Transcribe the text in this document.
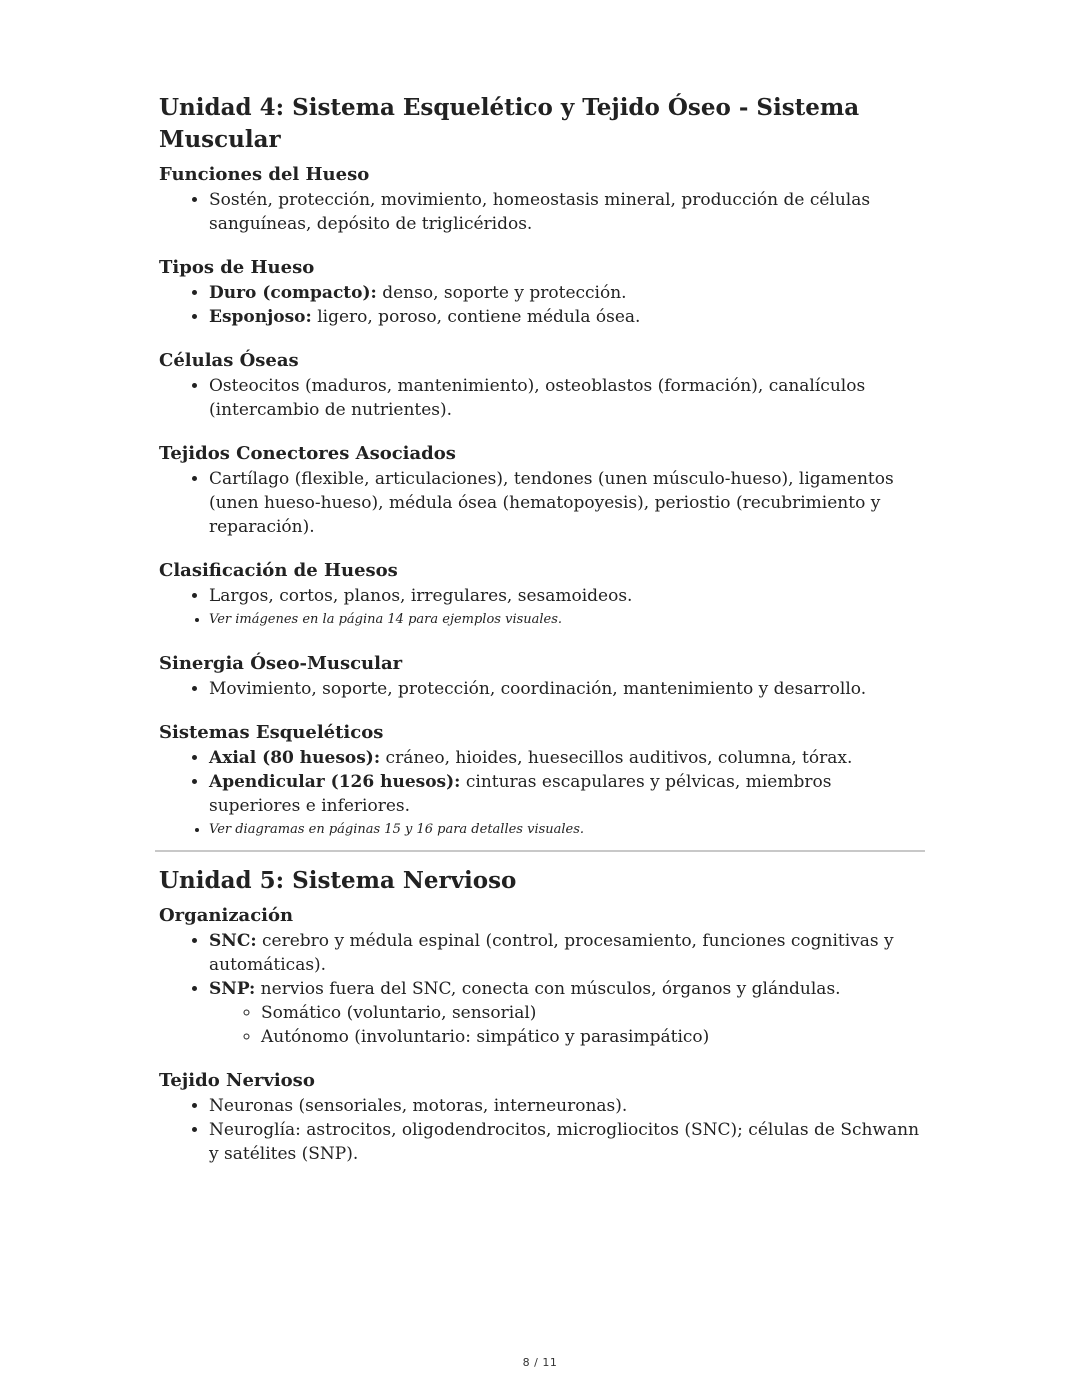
Unidad 4: Sistema Esquelético y Tejido Óseo - Sistema Muscular
Funciones del Hueso
• Sostén, protección, movimiento, homeostasis mineral, producción de células sanguíneas, depósito de triglicéridos.
Tipos de Hueso
• Duro (compacto): denso, soporte y protección.
• Esponjoso: ligero, poroso, contiene médula ósea.
Células Óseas
• Osteocitos (maduros, mantenimiento), osteoblastos (formación), canalículos (intercambio de nutrientes).
Tejidos Conectores Asociados
• Cartílago (flexible, articulaciones), tendones (unen músculo-hueso), ligamentos (unen hueso-hueso), médula ósea (hematopoyesis), periostio (recubrimiento y reparación).
Clasificación de Huesos
• Largos, cortos, planos, irregulares, sesamoideos.
• Ver imágenes en la página 14 para ejemplos visuales.
Sinergia Óseo-Muscular
• Movimiento, soporte, protección, coordinación, mantenimiento y desarrollo.
Sistemas Esqueléticos
• Axial (80 huesos): cráneo, hioides, huesecillos auditivos, columna, tórax.
• Apendicular (126 huesos): cinturas escapulares y pélvicas, miembros superiores e inferiores.
• Ver diagramas en páginas 15 y 16 para detalles visuales.
Unidad 5: Sistema Nervioso
Organización
• SNC: cerebro y médula espinal (control, procesamiento, funciones cognitivas y automáticas).
• SNP: nervios fuera del SNC, conecta con músculos, órganos y glándulas.
◦ Somático (voluntario, sensorial)
◦ Autónomo (involuntario: simpático y parasimpático)
Tejido Nervioso
• Neuronas (sensoriales, motoras, interneuronas).
• Neuroglía: astrocitos, oligodendrocitos, microgliocitos (SNC); células de Schwann y satélites (SNP).
8 / 11
